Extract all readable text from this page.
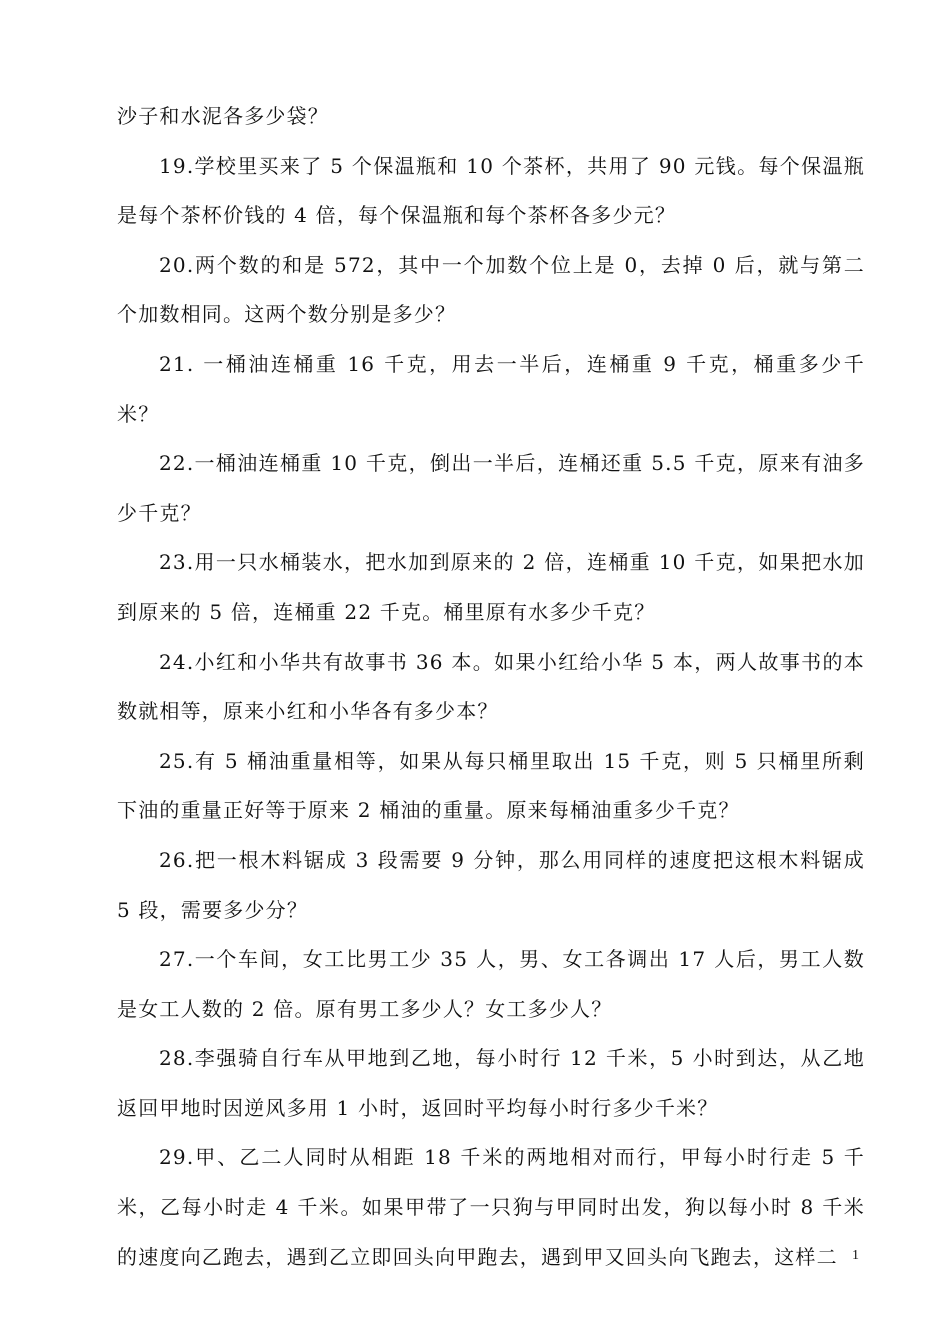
沙子和水泥各多少袋？

19.学校里买来了 5 个保温瓶和 10 个茶杯，共用了 90 元钱。每个保温瓶是每个茶杯价钱的 4 倍，每个保温瓶和每个茶杯各多少元？

20.两个数的和是 572，其中一个加数个位上是 0，去掉 0 后，就与第二个加数相同。这两个数分别是多少？

21. 一桶油连桶重 16 千克，用去一半后，连桶重 9 千克，桶重多少千米？

22.一桶油连桶重 10 千克，倒出一半后，连桶还重 5.5 千克，原来有油多少千克？

23.用一只水桶装水，把水加到原来的 2 倍，连桶重 10 千克，如果把水加到原来的 5 倍，连桶重 22 千克。桶里原有水多少千克？

24.小红和小华共有故事书 36 本。如果小红给小华 5 本，两人故事书的本数就相等，原来小红和小华各有多少本？

25.有 5 桶油重量相等，如果从每只桶里取出 15 千克，则 5 只桶里所剩下油的重量正好等于原来 2 桶油的重量。原来每桶油重多少千克？

26.把一根木料锯成 3 段需要 9 分钟，那么用同样的速度把这根木料锯成 5 段，需要多少分？

27.一个车间，女工比男工少 35 人，男、女工各调出 17 人后，男工人数是女工人数的 2 倍。原有男工多少人？女工多少人？

28.李强骑自行车从甲地到乙地，每小时行 12 千米，5 小时到达，从乙地返回甲地时因逆风多用 1 小时，返回时平均每小时行多少千米？

29.甲、乙二人同时从相距 18 千米的两地相对而行，甲每小时行走 5 千米，乙每小时走 4 千米。如果甲带了一只狗与甲同时出发，狗以每小时 8 千米的速度向乙跑去，遇到乙立即回头向甲跑去，遇到甲又回头向飞跑去，这样二	1
